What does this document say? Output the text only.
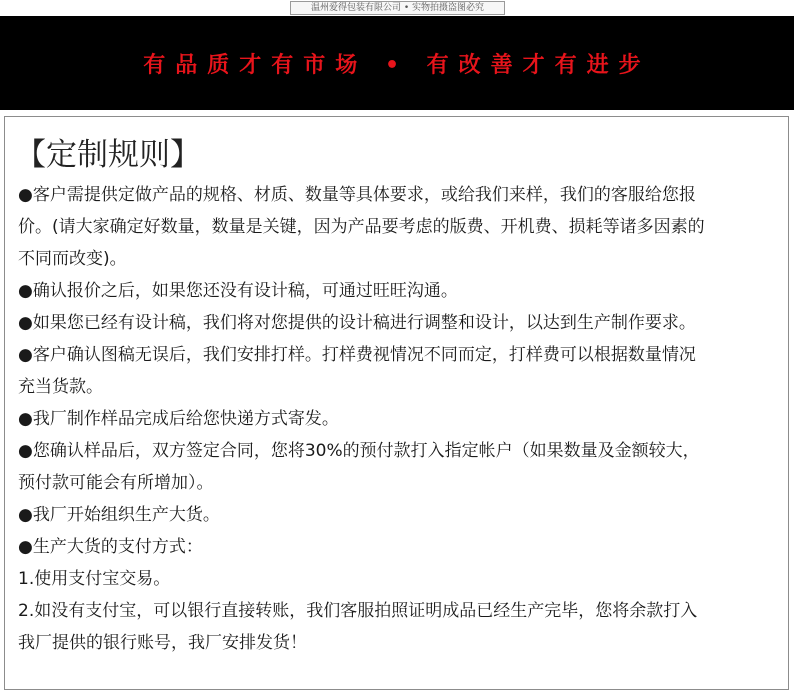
温州爱得包装有限公司 • 实物拍摄盗图必究
有品质才有市场 • 有改善才有进步
【定制规则】
●客户需提供定做产品的规格、材质、数量等具体要求，或给我们来样，我们的客服给您报
价。(请大家确定好数量，数量是关键，因为产品要考虑的版费、开机费、损耗等诸多因素的
不同而改变)。
●确认报价之后，如果您还没有设计稿，可通过旺旺沟通。
●如果您已经有设计稿，我们将对您提供的设计稿进行调整和设计，以达到生产制作要求。
●客户确认图稿无误后，我们安排打样。打样费视情况不同而定，打样费可以根据数量情况
充当货款。
●我厂制作样品完成后给您快递方式寄发。
●您确认样品后，双方签定合同，您将30%的预付款打入指定帐户（如果数量及金额较大，
预付款可能会有所增加）。
●我厂开始组织生产大货。
●生产大货的支付方式：
1.使用支付宝交易。
2.如没有支付宝，可以银行直接转账，我们客服拍照证明成品已经生产完毕，您将余款打入
我厂提供的银行账号，我厂安排发货！
